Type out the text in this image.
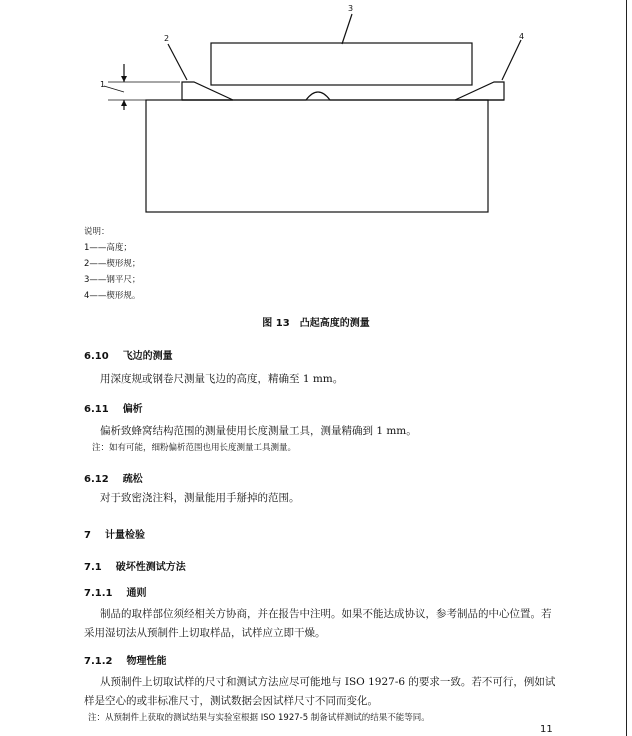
3
2	4
1
说明：
1——高度；
2——楔形规；
3——钢平尺；
4——楔形规。
图 13　凸起高度的测量
6.10 飞边的测量
用深度规或钢卷尺测量飞边的高度，精确至 1 mm。
6.11 偏析
偏析致蜂窝结构范围的测量使用长度测量工具，测量精确到 1 mm。
注：如有可能，细粉偏析范围也用长度测量工具测量。
6.12 疏松
对于致密浇注料，测量能用手掰掉的范围。
7 计量检验
7.1 破坏性测试方法
7.1.1 通则
制品的取样部位须经相关方协商，并在报告中注明。如果不能达成协议，参考制品的中心位置。若
采用湿切法从预制件上切取样品，试样应立即干燥。
7.1.2 物理性能
从预制件上切取试样的尺寸和测试方法应尽可能地与 ISO 1927-6 的要求一致。若不可行，例如试
样是空心的或非标准尺寸，测试数据会因试样尺寸不同而变化。
注：从预制件上获取的测试结果与实验室根据 ISO 1927-5 制备试样测试的结果不能等同。
11
